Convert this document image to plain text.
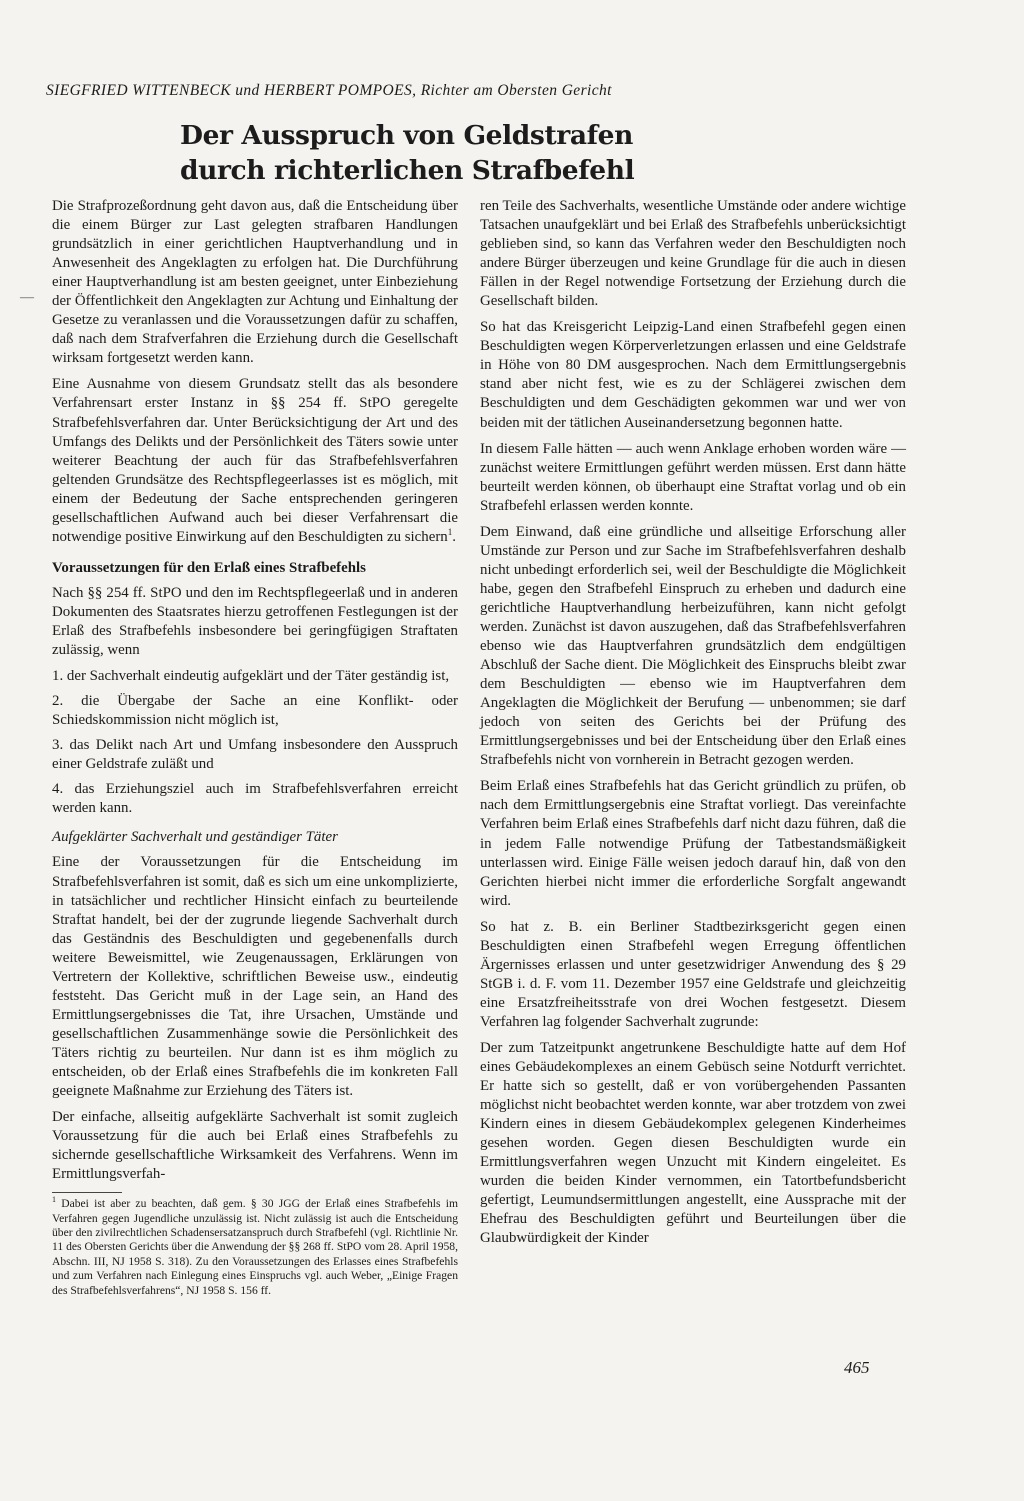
SIEGFRIED WITTENBECK und HERBERT POMPOES, Richter am Obersten Gericht
Der Ausspruch von Geldstrafen
durch richterlichen Strafbefehl
—

Die Strafprozeßordnung geht davon aus, daß die Entscheidung über die einem Bürger zur Last gelegten strafbaren Handlungen grundsätzlich in einer gerichtlichen Hauptverhandlung und in Anwesenheit des Angeklagten zu erfolgen hat. Die Durchführung einer Hauptverhandlung ist am besten geeignet, unter Einbeziehung der Öffentlichkeit den Angeklagten zur Achtung und Einhaltung der Gesetze zu veranlassen und die Voraussetzungen dafür zu schaffen, daß nach dem Strafverfahren die Erziehung durch die Gesellschaft wirksam fortgesetzt werden kann.

Eine Ausnahme von diesem Grundsatz stellt das als besondere Verfahrensart erster Instanz in §§ 254 ff. StPO geregelte Strafbefehlsverfahren dar. Unter Berücksichtigung der Art und des Umfangs des Delikts und der Persönlichkeit des Täters sowie unter weiterer Beachtung der auch für das Strafbefehlsverfahren geltenden Grundsätze des Rechtspflegeerlasses ist es möglich, mit einem der Bedeutung der Sache entsprechenden geringeren gesellschaftlichen Aufwand auch bei dieser Verfahrensart die notwendige positive Einwirkung auf den Beschuldigten zu sichern$^1$.

Voraussetzungen für den Erlaß eines Strafbefehls

Nach §§ 254 ff. StPO und den im Rechtspflegeerlaß und in anderen Dokumenten des Staatsrates hierzu getroffenen Festlegungen ist der Erlaß des Strafbefehls insbesondere bei geringfügigen Straftaten zulässig, wenn

1. der Sachverhalt eindeutig aufgeklärt und der Täter geständig ist,

2. die Übergabe der Sache an eine Konflikt- oder Schiedskommission nicht möglich ist,

3. das Delikt nach Art und Umfang insbesondere den Ausspruch einer Geldstrafe zuläßt und

4. das Erziehungsziel auch im Strafbefehlsverfahren erreicht werden kann.

Aufgeklärter Sachverhalt und geständiger Täter

Eine der Voraussetzungen für die Entscheidung im Strafbefehlsverfahren ist somit, daß es sich um eine unkomplizierte, in tatsächlicher und rechtlicher Hinsicht einfach zu beurteilende Straftat handelt, bei der der zugrunde liegende Sachverhalt durch das Geständnis des Beschuldigten und gegebenenfalls durch weitere Beweismittel, wie Zeugenaussagen, Erklärungen von Vertretern der Kollektive, schriftlichen Beweise usw., eindeutig feststeht. Das Gericht muß in der Lage sein, an Hand des Ermittlungsergebnisses die Tat, ihre Ursachen, Umstände und gesellschaftlichen Zusammenhänge sowie die Persönlichkeit des Täters richtig zu beurteilen. Nur dann ist es ihm möglich zu entscheiden, ob der Erlaß eines Strafbefehls die im konkreten Fall geeignete Maßnahme zur Erziehung des Täters ist.

Der einfache, allseitig aufgeklärte Sachverhalt ist somit zugleich Voraussetzung für die auch bei Erlaß eines Strafbefehls zu sichernde gesellschaftliche Wirksamkeit des Verfahrens. Wenn im Ermittlungsverfah-

$^1$ Dabei ist aber zu beachten, daß gem. § 30 JGG der Erlaß eines Strafbefehls im Verfahren gegen Jugendliche unzulässig ist. Nicht zulässig ist auch die Entscheidung über den zivilrechtlichen Schadensersatzanspruch durch Strafbefehl (vgl. Richtlinie Nr. 11 des Obersten Gerichts über die Anwendung der §§ 268 ff. StPO vom 28. April 1958, Abschn. III, NJ 1958 S. 318). Zu den Voraussetzungen des Erlasses eines Strafbefehls und zum Verfahren nach Einlegung eines Einspruchs vgl. auch Weber, „Einige Fragen des Strafbefehlsverfahrens“, NJ 1958 S. 156 ff.

ren Teile des Sachverhalts, wesentliche Umstände oder andere wichtige Tatsachen unaufgeklärt und bei Erlaß des Strafbefehls unberücksichtigt geblieben sind, so kann das Verfahren weder den Beschuldigten noch andere Bürger überzeugen und keine Grundlage für die auch in diesen Fällen in der Regel notwendige Fortsetzung der Erziehung durch die Gesellschaft bilden.

So hat das Kreisgericht Leipzig-Land einen Strafbefehl gegen einen Beschuldigten wegen Körperverletzungen erlassen und eine Geldstrafe in Höhe von 80 DM ausgesprochen. Nach dem Ermittlungsergebnis stand aber nicht fest, wie es zu der Schlägerei zwischen dem Beschuldigten und dem Geschädigten gekommen war und wer von beiden mit der tätlichen Auseinandersetzung begonnen hatte.

In diesem Falle hätten — auch wenn Anklage erhoben worden wäre — zunächst weitere Ermittlungen geführt werden müssen. Erst dann hätte beurteilt werden können, ob überhaupt eine Straftat vorlag und ob ein Strafbefehl erlassen werden konnte.

Dem Einwand, daß eine gründliche und allseitige Erforschung aller Umstände zur Person und zur Sache im Strafbefehlsverfahren deshalb nicht unbedingt erforderlich sei, weil der Beschuldigte die Möglichkeit habe, gegen den Strafbefehl Einspruch zu erheben und dadurch eine gerichtliche Hauptverhandlung herbeizuführen, kann nicht gefolgt werden. Zunächst ist davon auszugehen, daß das Strafbefehlsverfahren ebenso wie das Hauptverfahren grundsätzlich dem endgültigen Abschluß der Sache dient. Die Möglichkeit des Einspruchs bleibt zwar dem Beschuldigten — ebenso wie im Hauptverfahren dem Angeklagten die Möglichkeit der Berufung — unbenommen; sie darf jedoch von seiten des Gerichts bei der Prüfung des Ermittlungsergebnisses und bei der Entscheidung über den Erlaß eines Strafbefehls nicht von vornherein in Betracht gezogen werden.

Beim Erlaß eines Strafbefehls hat das Gericht gründlich zu prüfen, ob nach dem Ermittlungsergebnis eine Straftat vorliegt. Das vereinfachte Verfahren beim Erlaß eines Strafbefehls darf nicht dazu führen, daß die in jedem Falle notwendige Prüfung der Tatbestandsmäßigkeit unterlassen wird. Einige Fälle weisen jedoch darauf hin, daß von den Gerichten hierbei nicht immer die erforderliche Sorgfalt angewandt wird.

So hat z. B. ein Berliner Stadtbezirksgericht gegen einen Beschuldigten einen Strafbefehl wegen Erregung öffentlichen Ärgernisses erlassen und unter gesetzwidriger Anwendung des § 29 StGB i. d. F. vom 11. Dezember 1957 eine Geldstrafe und gleichzeitig eine Ersatzfreiheitsstrafe von drei Wochen festgesetzt. Diesem Verfahren lag folgender Sachverhalt zugrunde:

Der zum Tatzeitpunkt angetrunkene Beschuldigte hatte auf dem Hof eines Gebäudekomplexes an einem Gebüsch seine Notdurft verrichtet. Er hatte sich so gestellt, daß er von vorübergehenden Passanten möglichst nicht beobachtet werden konnte, war aber trotzdem von zwei Kindern eines in diesem Gebäudekomplex gelegenen Kinderheimes gesehen worden. Gegen diesen Beschuldigten wurde ein Ermittlungsverfahren wegen Unzucht mit Kindern eingeleitet. Es wurden die beiden Kinder vernommen, ein Tatortbefundsbericht gefertigt, Leumundsermittlungen angestellt, eine Aussprache mit der Ehefrau des Beschuldigten geführt und Beurteilungen über die Glaubwürdigkeit der Kinder

465
